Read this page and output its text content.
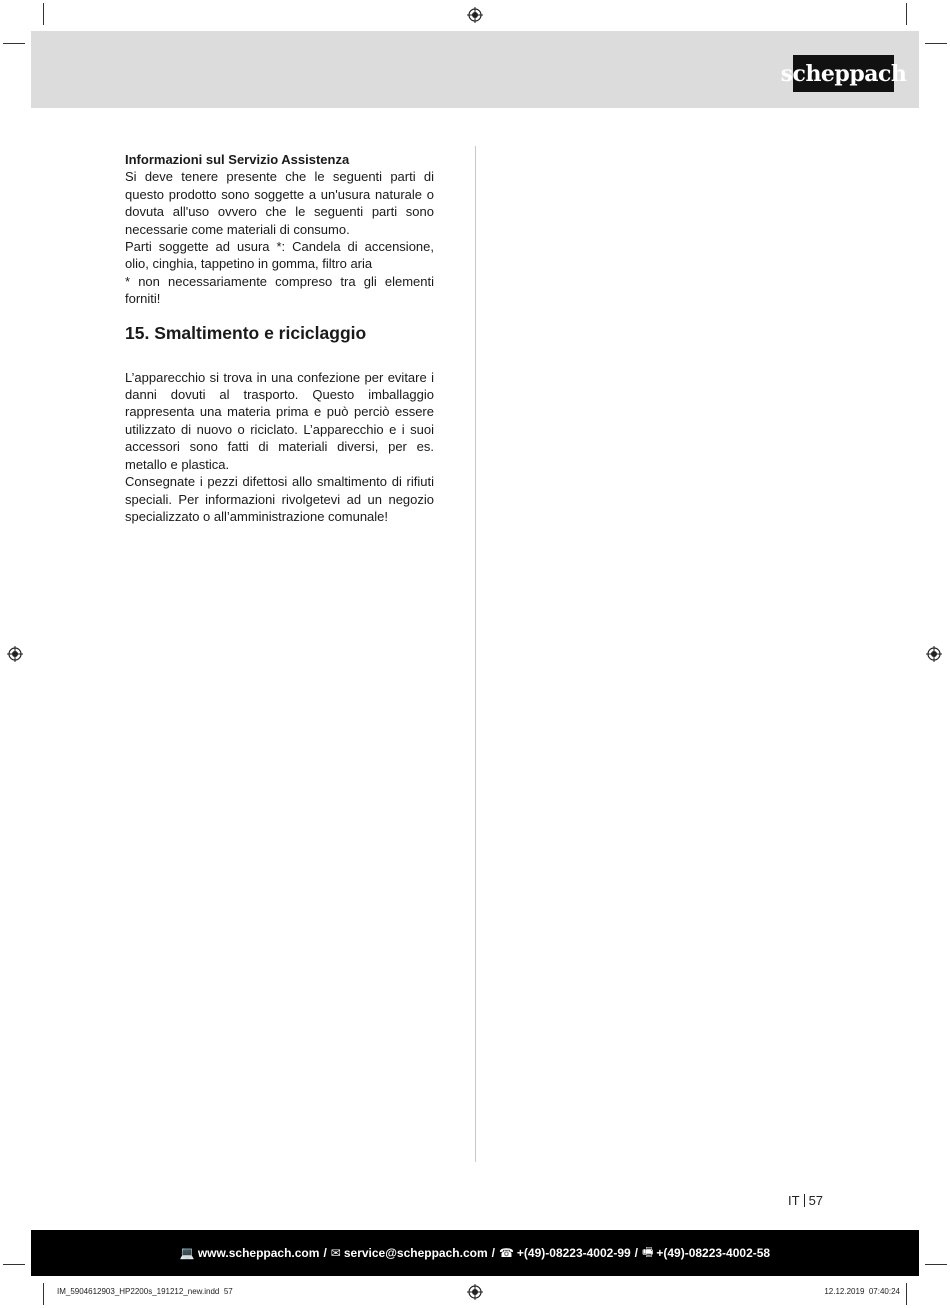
scheppach

Informazioni sul Servizio Assistenza

Si deve tenere presente che le seguenti parti di questo prodotto sono soggette a un'usura naturale o dovuta all'uso ovvero che le seguenti parti sono necessarie come materiali di consumo.

Parti soggette ad usura *: Candela di accensione, olio, cinghia, tappetino in gomma, filtro aria

* non necessariamente compreso tra gli elementi forniti!

15. Smaltimento e riciclaggio

L’apparecchio si trova in una confezione per evitare i danni dovuti al trasporto. Questo imballaggio rappresenta una materia prima e può perciò essere utilizzato di nuovo o riciclato. L’apparecchio e i suoi accessori sono fatti di materiali diversi, per es. metallo e plastica.

Consegnate i pezzi difettosi allo smaltimento di rifiuti speciali. Per informazioni rivolgetevi ad un negozio specializzato o all’amministrazione comunale!

IT 57
💻 www.scheppach.com / ✉ service@scheppach.com / ☎ +(49)-08223-4002-99 / 🖷 +(49)-08223-4002-58
IM_5904612903_HP2200s_191212_new.indd 57	12.12.2019 07:40:24
